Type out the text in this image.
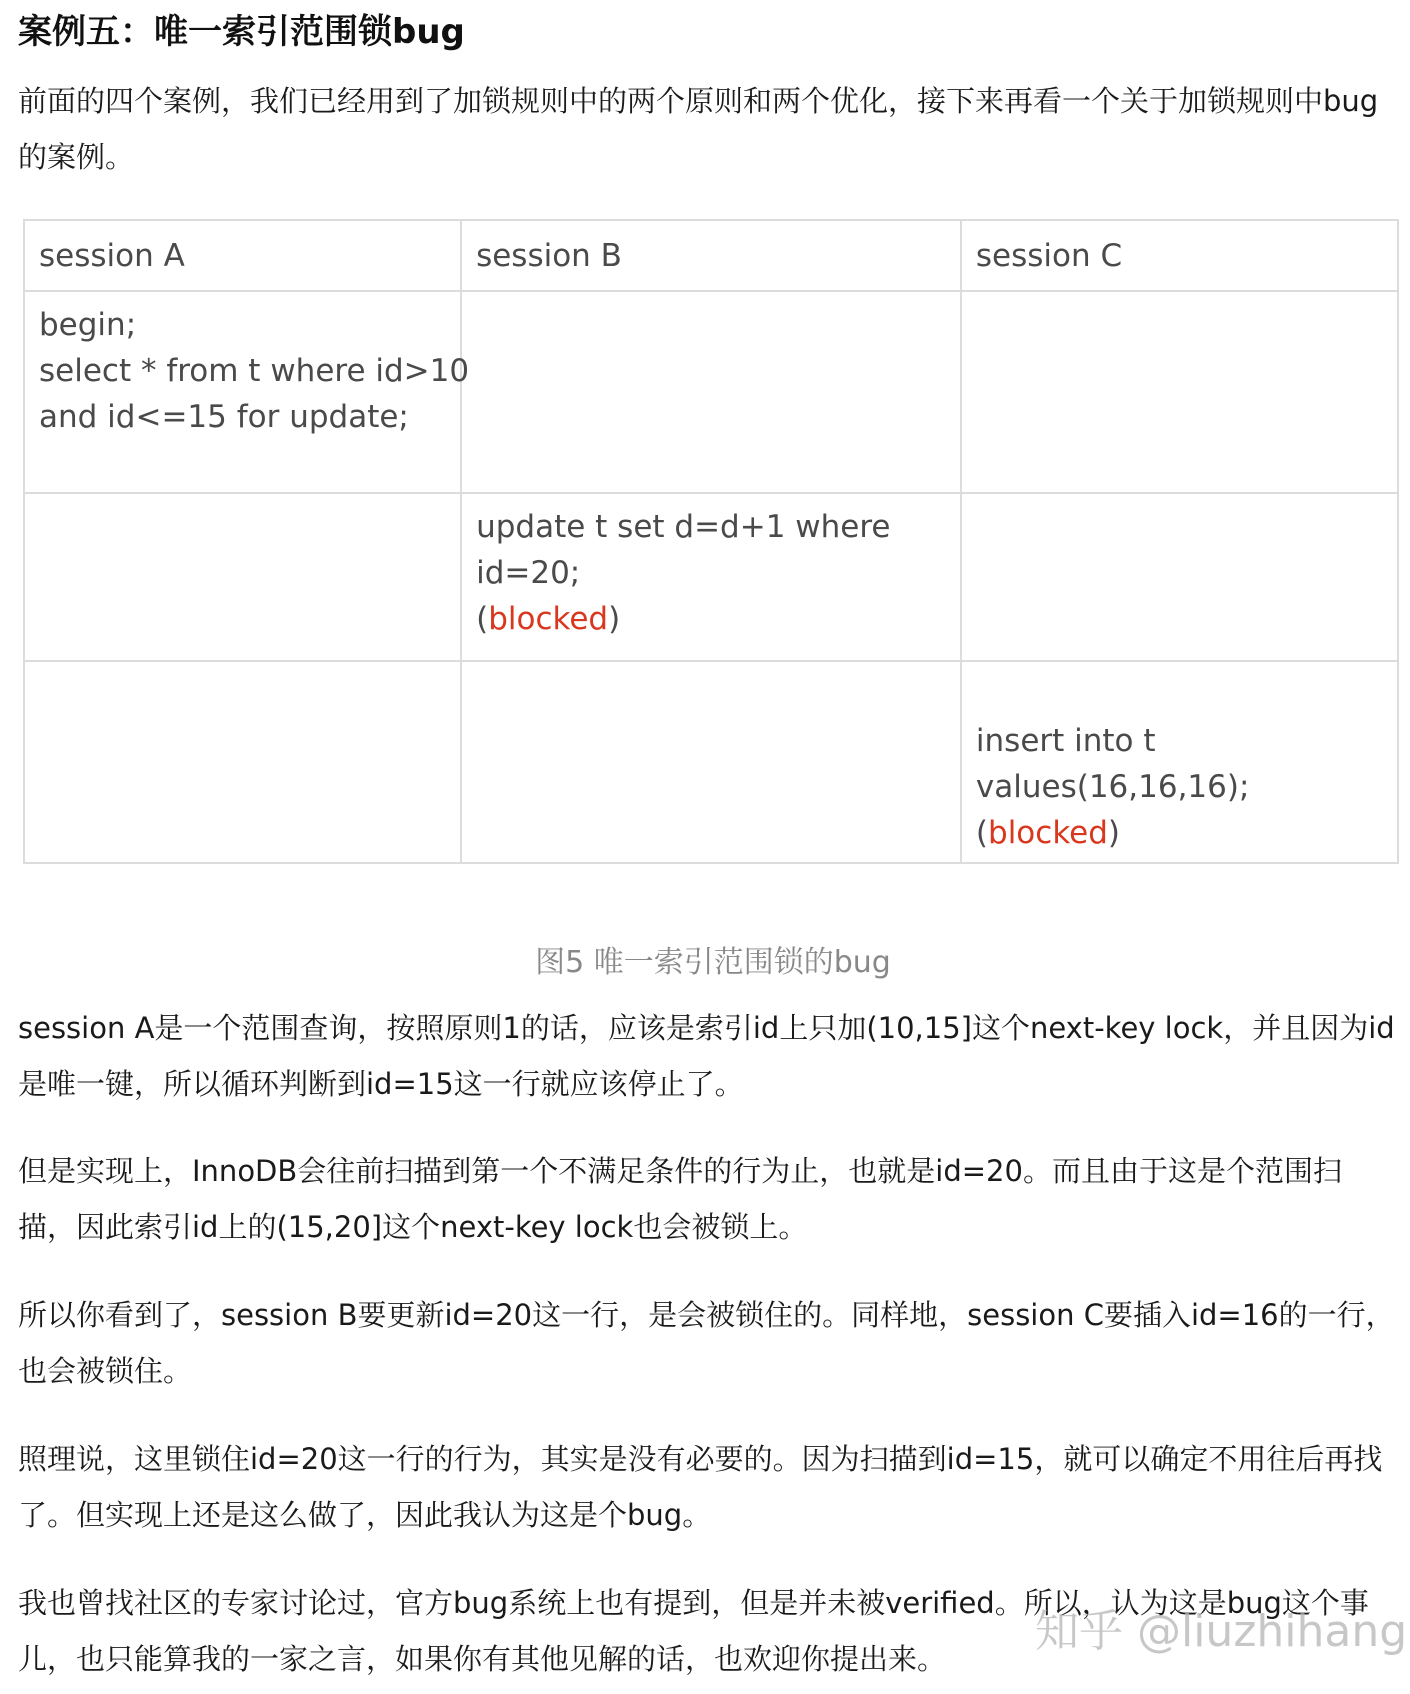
案例五：唯一索引范围锁bug

前面的四个案例，我们已经用到了加锁规则中的两个原则和两个优化，接下来再看一个关于加锁规则中bug的案例。

session A	session B	session C

begin;
select * from t where id>10
and id<=15 for update;		

	update t set d=d+1 where
id=20;
(blocked)	

		insert into t
values(16,16,16);
(blocked)

图5 唯一索引范围锁的bug

session A是一个范围查询，按照原则1的话，应该是索引id上只加(10,15]这个next-key lock，并且因为id是唯一键，所以循环判断到id=15这一行就应该停止了。

但是实现上，InnoDB会往前扫描到第一个不满足条件的行为止，也就是id=20。而且由于这是个范围扫描，因此索引id上的(15,20]这个next-key lock也会被锁上。

所以你看到了，session B要更新id=20这一行，是会被锁住的。同样地，session C要插入id=16的一行，也会被锁住。

照理说，这里锁住id=20这一行的行为，其实是没有必要的。因为扫描到id=15，就可以确定不用往后再找了。但实现上还是这么做了，因此我认为这是个bug。

我也曾找社区的专家讨论过，官方bug系统上也有提到，但是并未被verified。所以，认为这是bug这个事儿，也只能算我的一家之言，如果你有其他见解的话，也欢迎你提出来。

知乎 @liuzhihang
